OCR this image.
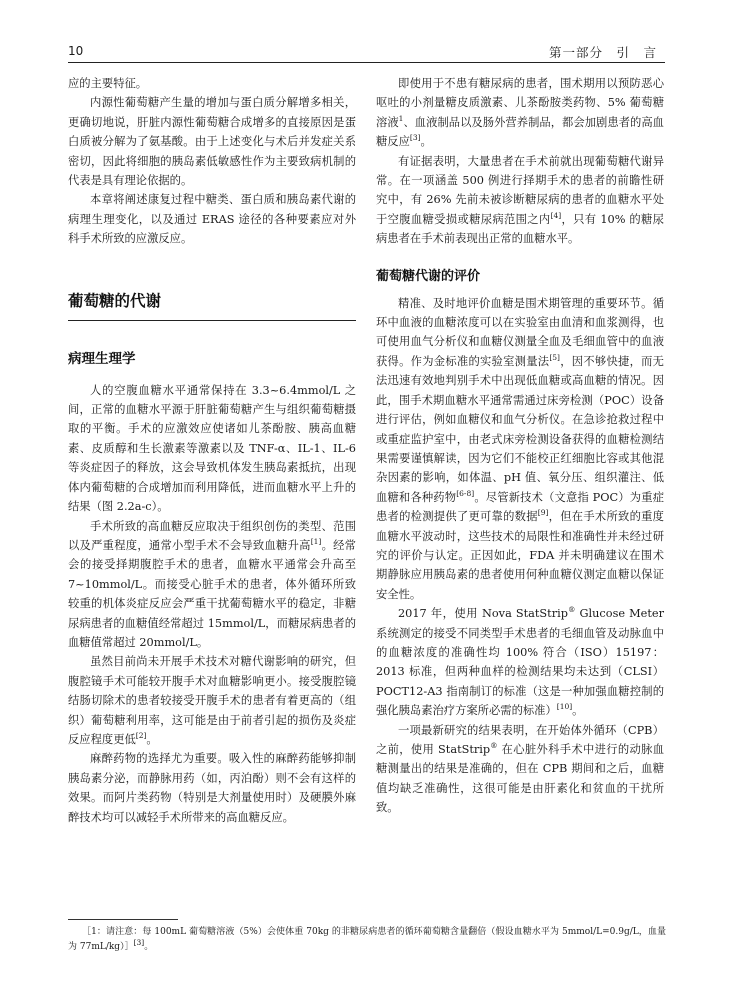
10	第一部分　引　言

应的主要特征。

内源性葡萄糖产生量的增加与蛋白质分解增多相关，更确切地说，肝脏内源性葡萄糖合成增多的直接原因是蛋白质被分解为了氨基酸。由于上述变化与术后并发症关系密切，因此将细胞的胰岛素低敏感性作为主要致病机制的代表是具有理论依据的。

本章将阐述康复过程中糖类、蛋白质和胰岛素代谢的病理生理变化，以及通过 ERAS 途径的各种要素应对外科手术所致的应激反应。

葡萄糖的代谢
病理生理学

人的空腹血糖水平通常保持在 3.3~6.4mmol/L 之间，正常的血糖水平源于肝脏葡萄糖产生与组织葡萄糖摄取的平衡。手术的应激效应使诸如儿茶酚胺、胰高血糖素、皮质醇和生长激素等激素以及 TNF-α、IL-1、IL-6 等炎症因子的释放，这会导致机体发生胰岛素抵抗，出现体内葡萄糖的合成增加而利用降低，进而血糖水平上升的结果（图 2.2a-c）。

手术所致的高血糖反应取决于组织创伤的类型、范围以及严重程度，通常小型手术不会导致血糖升高[1]。经常会的接受择期腹腔手术的患者，血糖水平通常会升高至 7~10mmol/L。而接受心脏手术的患者，体外循环所致较重的机体炎症反应会严重干扰葡萄糖水平的稳定，非糖尿病患者的血糖值经常超过 15mmol/L，而糖尿病患者的血糖值常超过 20mmol/L。

虽然目前尚未开展手术技术对糖代谢影响的研究，但腹腔镜手术可能较开腹手术对血糖影响更小。接受腹腔镜结肠切除术的患者较接受开腹手术的患者有着更高的（组织）葡萄糖利用率，这可能是由于前者引起的损伤及炎症反应程度更低[2]。

麻醉药物的选择尤为重要。吸入性的麻醉药能够抑制胰岛素分泌，而静脉用药（如，丙泊酚）则不会有这样的效果。而阿片类药物（特别是大剂量使用时）及硬膜外麻醉技术均可以减轻手术所带来的高血糖反应。

即使用于不患有糖尿病的患者，围术期用以预防恶心呕吐的小剂量糖皮质激素、儿茶酚胺类药物、5% 葡萄糖溶液$^1$、血液制品以及肠外营养制品，都会加剧患者的高血糖反应[3]。

有证据表明，大量患者在手术前就出现葡萄糖代谢异常。在一项涵盖 500 例进行择期手术的患者的前瞻性研究中，有 26% 先前未被诊断糖尿病的患者的血糖水平处于空腹血糖受损或糖尿病范围之内[4]，只有 10% 的糖尿病患者在手术前表现出正常的血糖水平。

葡萄糖代谢的评价

精准、及时地评价血糖是围术期管理的重要环节。循环中血液的血糖浓度可以在实验室由血清和血浆测得，也可使用血气分析仪和血糖仪测量全血及毛细血管中的血液获得。作为金标准的实验室测量法[5]，因不够快捷，而无法迅速有效地判别手术中出现低血糖或高血糖的情况。因此，围手术期血糖水平通常需通过床旁检测（POC）设备进行评估，例如血糖仪和血气分析仪。在急诊抢救过程中或重症监护室中，由老式床旁检测设备获得的血糖检测结果需要谨慎解读，因为它们不能校正红细胞比容或其他混杂因素的影响，如体温、pH 值、氧分压、组织灌注、低血糖和各种药物[6-8]。尽管新技术（文意指 POC）为重症患者的检测提供了更可靠的数据[9]，但在手术所致的重度血糖水平波动时，这些技术的局限性和准确性并未经过研究的评价与认定。正因如此，FDA 并未明确建议在围术期静脉应用胰岛素的患者使用何种血糖仪测定血糖以保证安全性。

2017 年，使用 Nova StatStrip® Glucose Meter 系统测定的接受不同类型手术患者的毛细血管及动脉血中的血糖浓度的准确性均 100% 符合（ISO）15197：2013 标准，但两种血样的检测结果均未达到（CLSI）POCT12-A3 指南制订的标准（这是一种加强血糖控制的强化胰岛素治疗方案所必需的标准）[10]。

一项最新研究的结果表明，在开始体外循环（CPB）之前，使用 StatStrip® 在心脏外科手术中进行的动脉血糖测量出的结果是准确的，但在 CPB 期间和之后，血糖值均缺乏准确性，这很可能是由肝素化和贫血的干扰所致。

［1：请注意：每 100mL 葡萄糖溶液（5%）会使体重 70kg 的非糖尿病患者的循环葡萄糖含量翻倍（假设血糖水平为 5mmol/L=0.9g/L，血量为 77mL/kg）］[3]。
